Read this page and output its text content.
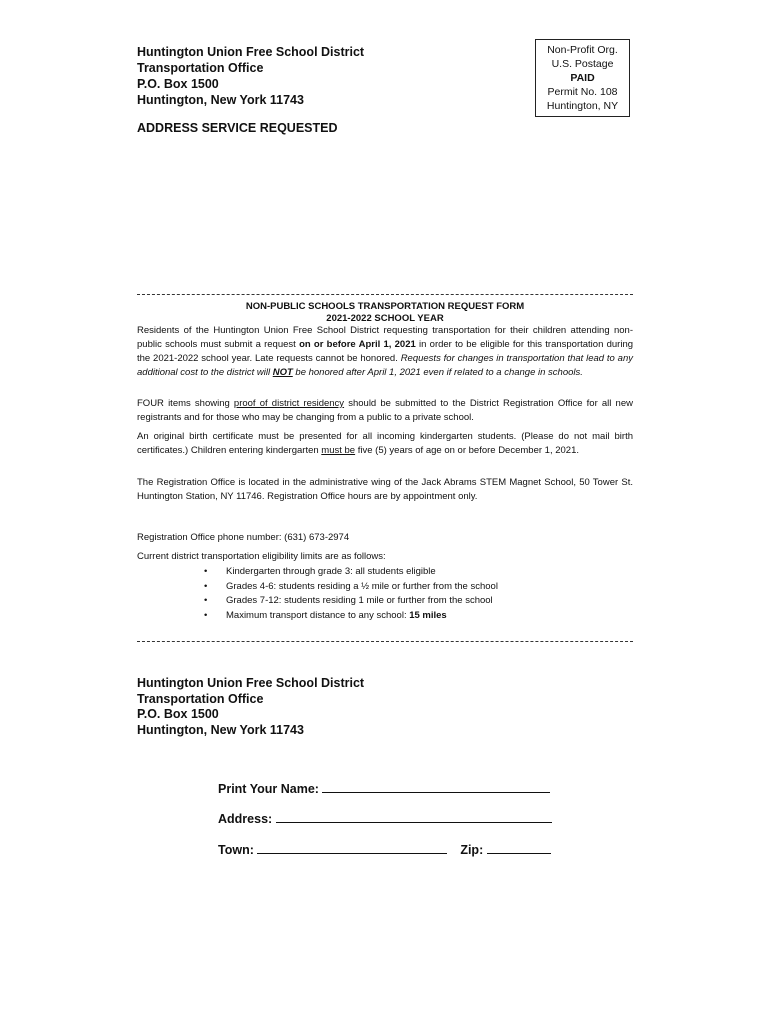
Huntington Union Free School District
Transportation Office
P.O. Box 1500
Huntington, New York 11743
Non-Profit Org.
U.S. Postage
PAID
Permit No. 108
Huntington, NY
ADDRESS SERVICE REQUESTED
NON-PUBLIC SCHOOLS TRANSPORTATION REQUEST FORM
2021-2022 SCHOOL YEAR

Residents of the Huntington Union Free School District requesting transportation for their children attending non-public schools must submit a request on or before April 1, 2021 in order to be eligible for this transportation during the 2021-2022 school year. Late requests cannot be honored. Requests for changes in transportation that lead to any additional cost to the district will NOT be honored after April 1, 2021 even if related to a change in schools.

FOUR items showing proof of district residency should be submitted to the District Registration Office for all new registrants and for those who may be changing from a public to a private school.

An original birth certificate must be presented for all incoming kindergarten students. (Please do not mail birth certificates.) Children entering kindergarten must be five (5) years of age on or before December 1, 2021.

The Registration Office is located in the administrative wing of the Jack Abrams STEM Magnet School, 50 Tower St. Huntington Station, NY 11746. Registration Office hours are by appointment only.

Registration Office phone number: (631) 673-2974
Current district transportation eligibility limits are as follows:
• Kindergarten through grade 3: all students eligible
• Grades 4-6: students residing a ½ mile or further from the school
• Grades 7-12: students residing 1 mile or further from the school
• Maximum transport distance to any school: 15 miles
Huntington Union Free School District
Transportation Office
P.O. Box 1500
Huntington, New York 11743
Print Your Name:
Address:
Town:	Zip:
